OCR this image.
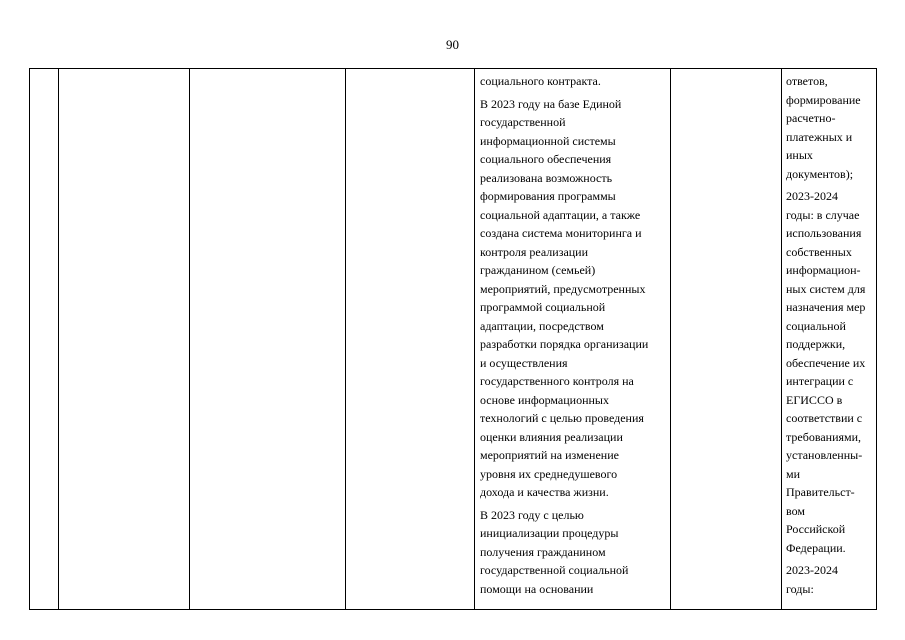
90
социального контракта.
В 2023 году на базе Единой
государственной
информационной системы
социального обеспечения
реализована возможность
формирования программы
социальной адаптации, а также
создана система мониторинга и
контроля реализации
гражданином (семьей)
мероприятий, предусмотренных
программой социальной
адаптации, посредством
разработки порядка организации
и осуществления
государственного контроля на
основе информационных
технологий с целью проведения
оценки влияния реализации
мероприятий на изменение
уровня их среднедушевого
дохода и качества жизни.
В 2023 году с целью
инициализации процедуры
получения гражданином
государственной социальной
помощи на основании
ответов,
формирование
расчетно-
платежных и
иных
документов);
2023-2024
годы: в случае
использования
собственных
информацион-
ных систем для
назначения мер
социальной
поддержки,
обеспечение их
интеграции с
ЕГИССО в
соответствии с
требованиями,
установленны-
ми
Правительст-
вом
Российской
Федерации.
2023-2024
годы:
